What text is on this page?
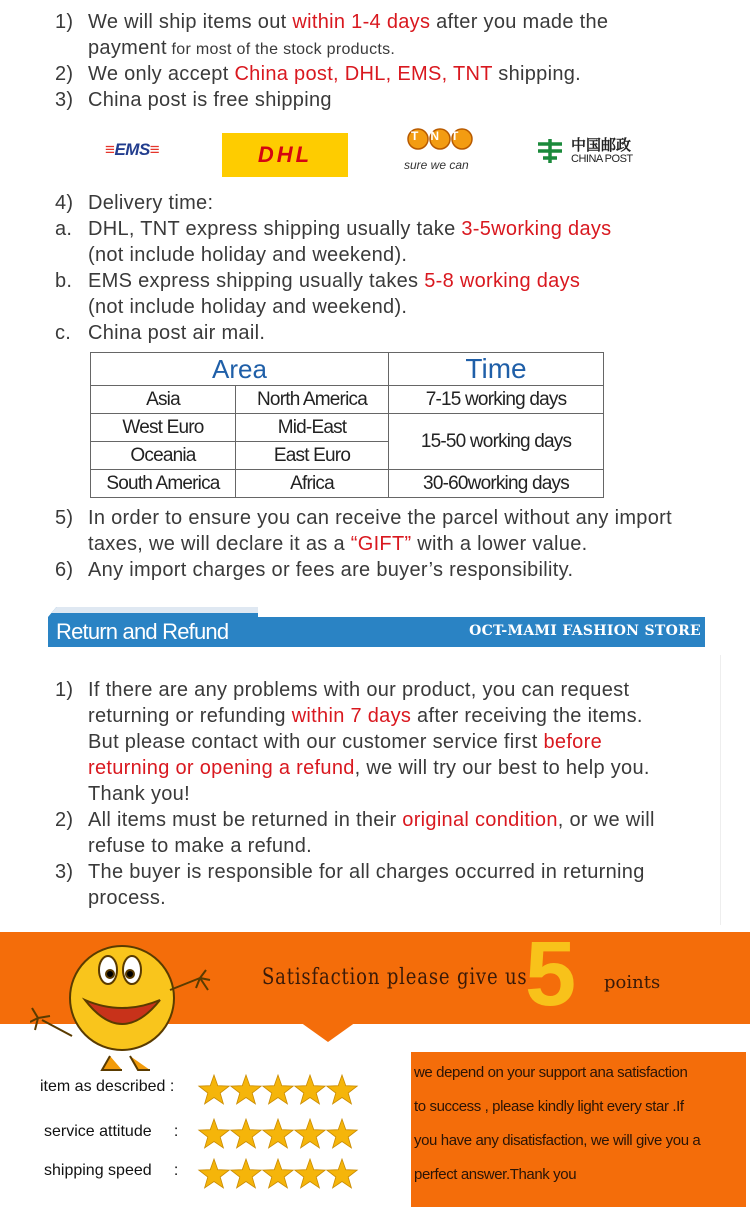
1) We will ship items out within 1-4 days after you made the
payment for most of the stock products.
2) We only accept China post, DHL, EMS, TNT shipping.
3) China post is free shipping
≡ EMS ≡	DHL
TNT
sure we can
中国邮政
CHINA POST
4) Delivery time:
a. DHL, TNT express shipping usually take 3-5working days
(not include holiday and weekend).
b. EMS express shipping usually takes 5-8 working days
(not include holiday and weekend).
c. China post air mail.
Area		Time
Asia	North America	7-15 working days
West Euro	Mid-East	15-50 working days
Oceania	East Euro	
South America	Africa	30-60working days
5) In order to ensure you can receive the parcel without any import
taxes, we will declare it as a “GIFT” with a lower value.
6) Any import charges or fees are buyer’s responsibility.
Return and Refund	OCT-MAMI FASHION STORE
1) If there are any problems with our product, you can request
returning or refunding within 7 days after receiving the items.
But please contact with our customer service first before
returning or opening a refund, we will try our best to help you.
Thank you!
2) All items must be returned in their original condition, or we will
refuse to make a refund.
3) The buyer is responsible for all charges occurred in returning
process.
Satisfaction please give us
5 points
item as described :
service attitude     :
shipping speed     :
we depend on your support ana satisfaction
to success , please kindly light every star .If
you have any disatisfaction, we will give you a
perfect answer.Thank you
